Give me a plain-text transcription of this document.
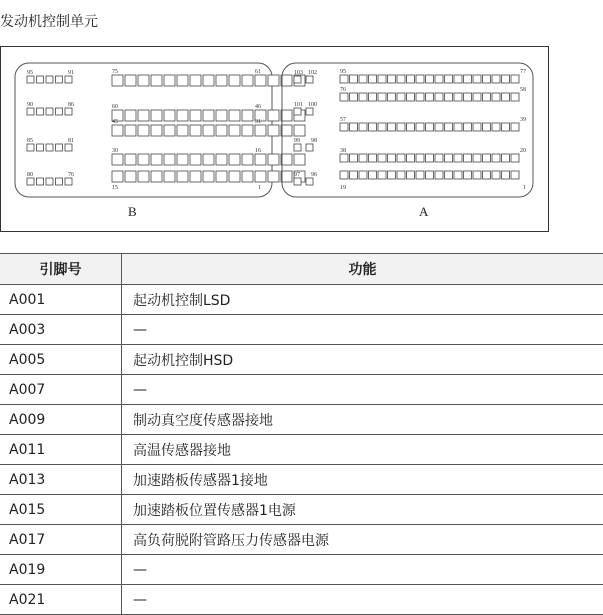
发动机控制单元
95	91
90	86
85	81
80	76
75	61
60	46
45	31
30	16
15	1
103 102
101 100
99 98
97 96
95	77
76	58
57	39
38	20
19	1
B	A
引脚号	功能
A001	起动机控制LSD
A003	—
A005	起动机控制HSD
A007	—
A009	制动真空度传感器接地
A011	高温传感器接地
A013	加速踏板传感器1接地
A015	加速踏板位置传感器1电源
A017	高负荷脱附管路压力传感器电源
A019	—
A021	—
